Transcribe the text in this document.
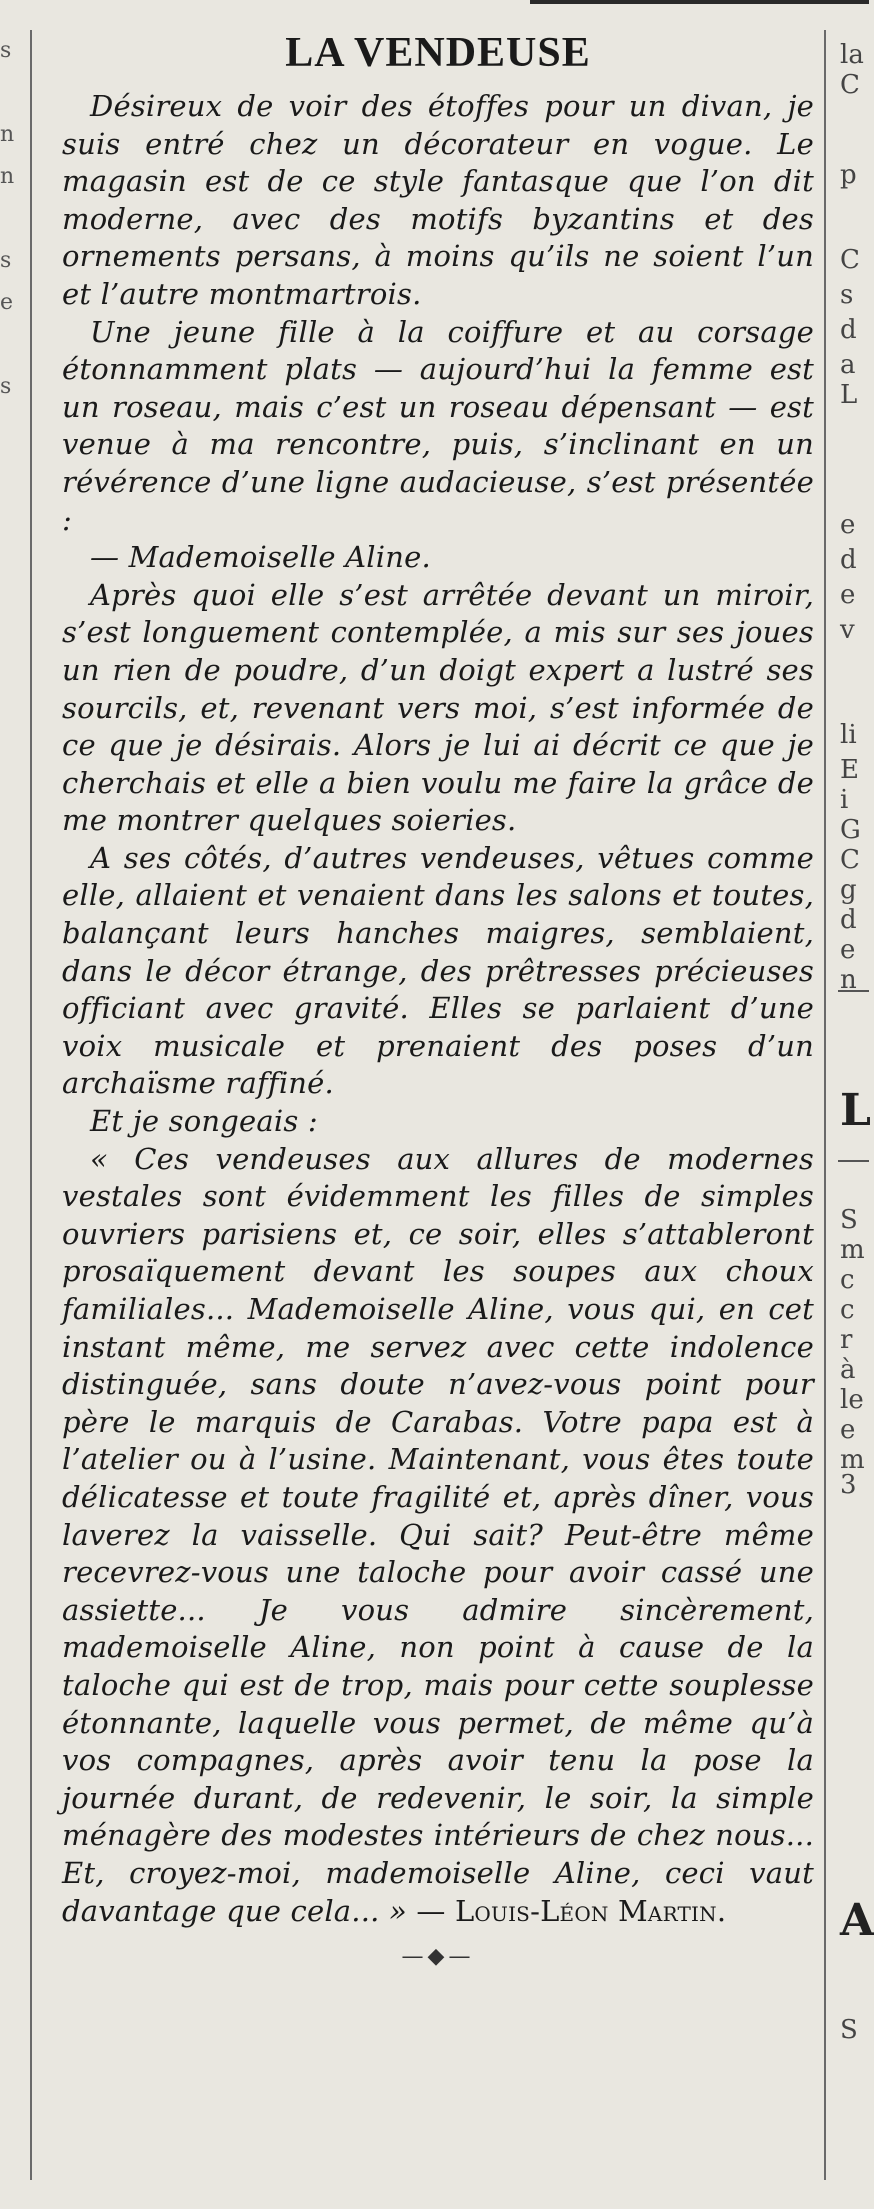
s
n
n
s
e
s
LA VENDEUSE

Désireux de voir des étoffes pour un divan, je suis entré chez un décorateur en vogue. Le magasin est de ce style fantasque que l’on dit moderne, avec des motifs byzantins et des ornements persans, à moins qu’ils ne soient l’un et l’autre montmartrois.

Une jeune fille à la coiffure et au corsage étonnamment plats — aujourd’hui la femme est un roseau, mais c’est un roseau dépensant — est venue à ma rencontre, puis, s’inclinant en un révérence d’une ligne audacieuse, s’est présentée :

— Mademoiselle Aline.

Après quoi elle s’est arrêtée devant un miroir, s’est longuement contemplée, a mis sur ses joues un rien de poudre, d’un doigt expert a lustré ses sourcils, et, revenant vers moi, s’est informée de ce que je désirais. Alors je lui ai décrit ce que je cherchais et elle a bien voulu me faire la grâce de me montrer quelques soieries.

A ses côtés, d’autres vendeuses, vêtues comme elle, allaient et venaient dans les salons et toutes, balançant leurs hanches maigres, semblaient, dans le décor étrange, des prêtresses précieuses officiant avec gravité. Elles se parlaient d’une voix musicale et prenaient des poses d’un archaïsme raffiné.

Et je songeais :

« Ces vendeuses aux allures de modernes vestales sont évidemment les filles de simples ouvriers parisiens et, ce soir, elles s’attableront prosaïquement devant les soupes aux choux familiales... Mademoiselle Aline, vous qui, en cet instant même, me servez avec cette indolence distinguée, sans doute n’avez-vous point pour père le marquis de Carabas. Votre papa est à l’atelier ou à l’usine. Maintenant, vous êtes toute délicatesse et toute fragilité et, après dîner, vous laverez la vaisselle. Qui sait? Peut-être même recevrez-vous une taloche pour avoir cassé une assiette... Je vous admire sincèrement, mademoiselle Aline, non point à cause de la taloche qui est de trop, mais pour cette souplesse étonnante, laquelle vous permet, de même qu’à vos compagnes, après avoir tenu la pose la journée durant, de redevenir, le soir, la simple ménagère des modestes intérieurs de chez nous... Et, croyez-moi, mademoiselle Aline, ceci vaut davantage que cela... » — Louis-Léon Martin.

—◆—
la
C
p
C
s
d
a
L
e
d
e
v
li
E
i
G
C
g
d
e
n
L
S
m
c
c
r
à
le
e
m
3
A
S
